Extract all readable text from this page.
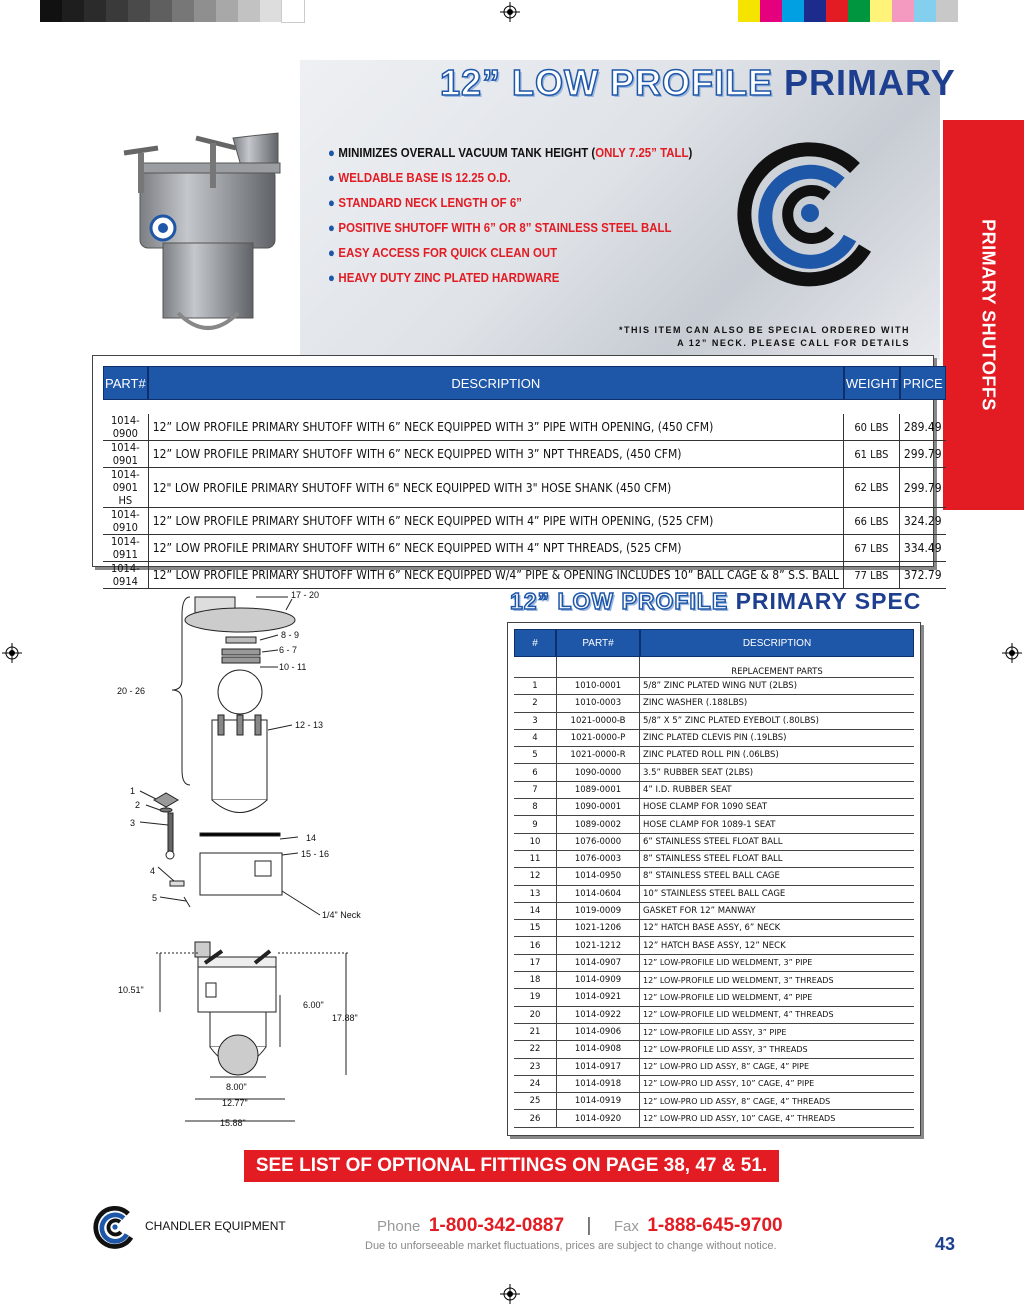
PRIMARY SHUTOFFS
12” LOW PROFILE PRIMARY
● MINIMIZES OVERALL VACUUM TANK HEIGHT (ONLY 7.25” TALL)
● WELDABLE BASE IS 12.25 O.D.
● STANDARD NECK LENGTH OF 6”
● POSITIVE SHUTOFF WITH 6” OR 8” STAINLESS STEEL BALL
● EASY ACCESS FOR QUICK CLEAN OUT
● HEAVY DUTY ZINC PLATED HARDWARE
*THIS ITEM CAN ALSO BE SPECIAL ORDERED WITH
A 12” NECK. PLEASE CALL FOR DETAILS
PART#	DESCRIPTION	WEIGHT	PRICE

1014-0900	12” LOW PROFILE PRIMARY SHUTOFF WITH 6” NECK EQUIPPED WITH 3” PIPE WITH OPENING, (450 CFM)	60 LBS	289.49
1014-0901	12” LOW PROFILE PRIMARY SHUTOFF WITH 6” NECK EQUIPPED WITH 3” NPT THREADS, (450 CFM)	61 LBS	299.79
1014-0901 HS	12" LOW PROFILE PRIMARY SHUTOFF WITH 6" NECK EQUIPPED WITH 3" HOSE SHANK (450 CFM)	62 LBS	299.79
1014-0910	12” LOW PROFILE PRIMARY SHUTOFF WITH 6” NECK EQUIPPED WITH 4” PIPE WITH OPENING, (525 CFM)	66 LBS	324.29
1014-0911	12” LOW PROFILE PRIMARY SHUTOFF WITH 6” NECK EQUIPPED WITH 4” NPT THREADS, (525 CFM)	67 LBS	334.49
1014-0914	12” LOW PROFILE PRIMARY SHUTOFF WITH 6” NECK EQUIPPED W/4” PIPE & OPENING INCLUDES 10” BALL CAGE & 8” S.S. BALL	77 LBS	372.79
12” LOW PROFILE PRIMARY SPEC
17 - 20
8 - 9
6 - 7
10 - 11
20 - 26
12 - 13
1
2
3
14
15 - 16
4
5
1/4" Neck
10.51"
6.00"
17.88"
8.00"
12.77"
15.88"
#	PART#	DESCRIPTION
		REPLACEMENT PARTS
1	1010-0001	5/8” ZINC PLATED WING NUT (2LBS)
2	1010-0003	ZINC WASHER (.188LBS)
3	1021-0000-B	5/8” X 5” ZINC PLATED EYEBOLT (.80LBS)
4	1021-0000-P	ZINC PLATED CLEVIS PIN (.19LBS)
5	1021-0000-R	ZINC PLATED ROLL PIN (.06LBS)
6	1090-0000	3.5” RUBBER SEAT (2LBS)
7	1089-0001	4” I.D. RUBBER SEAT
8	1090-0001	HOSE CLAMP FOR 1090 SEAT
9	1089-0002	HOSE CLAMP FOR 1089-1 SEAT
10	1076-0000	6” STAINLESS STEEL FLOAT BALL
11	1076-0003	8” STAINLESS STEEL FLOAT BALL
12	1014-0950	8” STAINLESS STEEL BALL CAGE
13	1014-0604	10” STAINLESS STEEL BALL CAGE
14	1019-0009	GASKET FOR 12” MANWAY
15	1021-1206	12” HATCH BASE ASSY, 6” NECK
16	1021-1212	12” HATCH BASE ASSY, 12” NECK
17	1014-0907	12” LOW-PROFILE LID WELDMENT, 3” PIPE
18	1014-0909	12” LOW-PROFILE LID WELDMENT, 3” THREADS
19	1014-0921	12” LOW-PROFILE LID WELDMENT, 4” PIPE
20	1014-0922	12” LOW-PROFILE LID WELDMENT, 4” THREADS
21	1014-0906	12” LOW-PROFILE LID ASSY, 3” PIPE
22	1014-0908	12” LOW-PROFILE LID ASSY, 3” THREADS
23	1014-0917	12” LOW-PRO LID ASSY, 8” CAGE, 4” PIPE
24	1014-0918	12” LOW-PRO LID ASSY, 10” CAGE, 4” PIPE
25	1014-0919	12” LOW-PRO LID ASSY, 8” CAGE, 4” THREADS
26	1014-0920	12” LOW-PRO LID ASSY, 10” CAGE, 4” THREADS
SEE LIST OF OPTIONAL FITTINGS ON PAGE 38, 47 & 51.
CHANDLER EQUIPMENT	Phone 1-800-342-0887 | Fax 1-888-645-9700
Due to unforseeable market fluctuations, prices are subject to change without notice.	43
